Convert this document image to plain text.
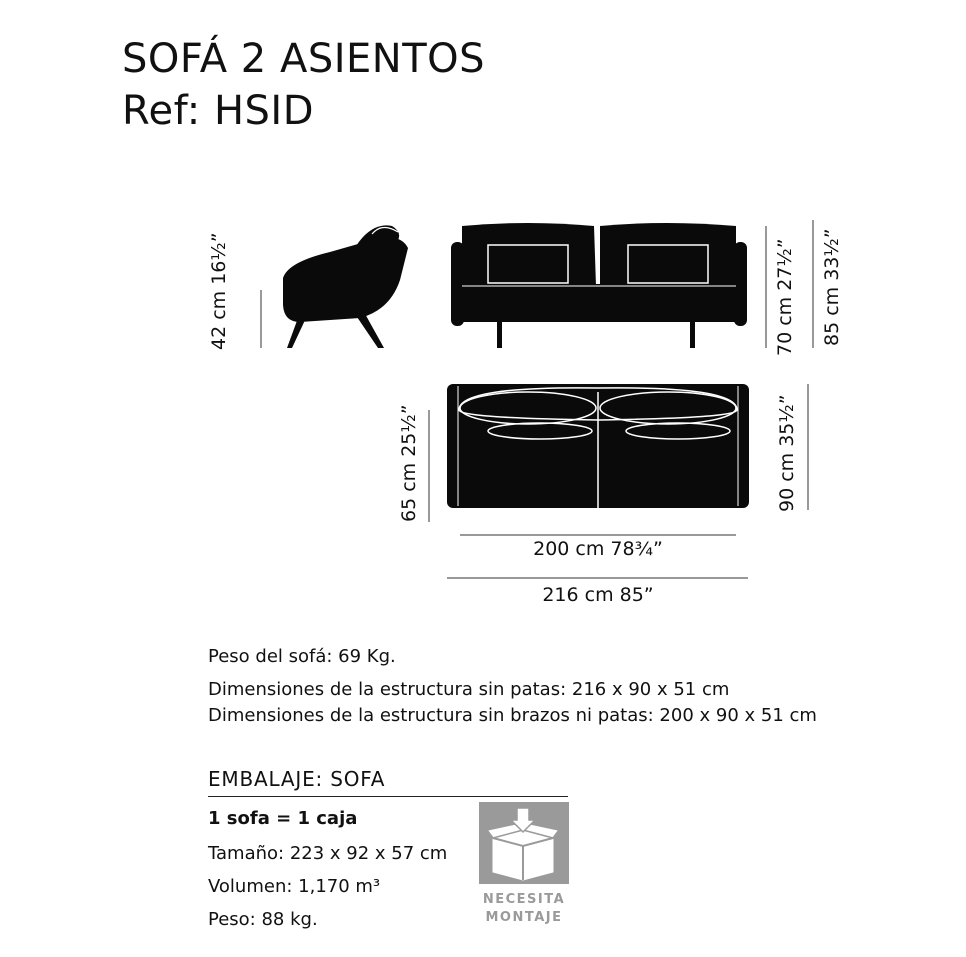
SOFÁ 2 ASIENTOS
Ref: HSID
42 cm 16½”
65 cm 25½”
70 cm 27½”
85 cm 33½”
90 cm 35½”
200 cm 78¾”
216 cm 85”
Peso del sofá: 69 Kg.
Dimensiones de la estructura sin patas: 216 x 90 x 51 cm
Dimensiones de la estructura sin brazos ni patas: 200 x 90 x 51 cm
EMBALAJE: SOFA
1 sofa = 1 caja
Tamaño: 223 x 92 x 57 cm
Volumen: 1,170 m³
Peso: 88 kg.
NECESITA
MONTAJE
